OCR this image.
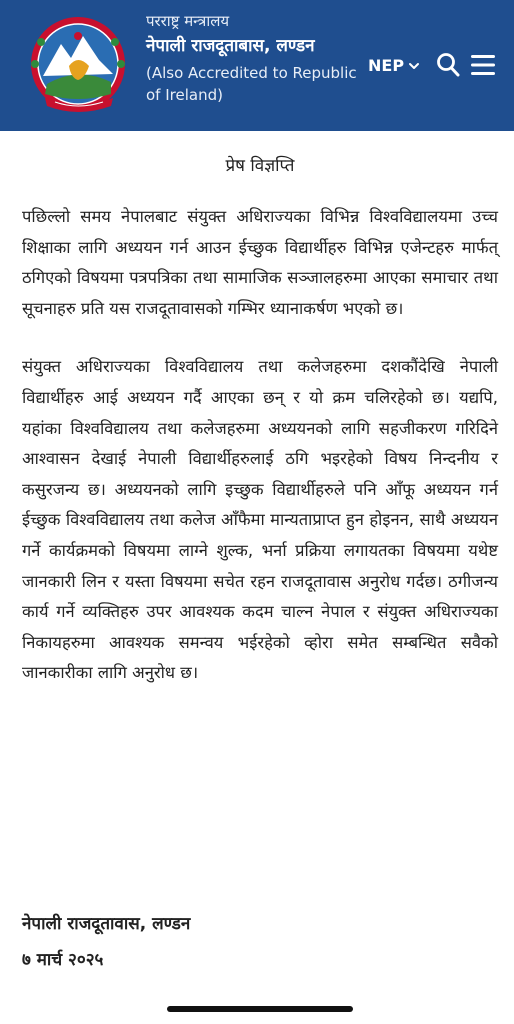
परराष्ट्र मन्त्रालय
नेपाली राजदूताबास, लण्डन
(Also Accredited to Republic of Ireland)
NEP
प्रेष विज्ञप्ति

पछिल्लो समय नेपालबाट संयुक्त अधिराज्यका विभिन्न विश्वविद्यालयमा उच्च शिक्षाका लागि अध्ययन गर्न आउन ईच्छुक विद्यार्थीहरु विभिन्न एजेन्टहरु मार्फत् ठगिएको विषयमा पत्रपत्रिका तथा सामाजिक सञ्जालहरुमा आएका समाचार तथा सूचनाहरु प्रति यस राजदूतावासको गम्भिर ध्यानाकर्षण भएको छ।

संयुक्त अधिराज्यका विश्वविद्यालय तथा कलेजहरुमा दशकौंदेखि नेपाली विद्यार्थीहरु आई अध्ययन गर्दै आएका छन् र यो क्रम चलिरहेको छ। यद्यपि, यहांका विश्वविद्यालय तथा कलेजहरुमा अध्ययनको लागि सहजीकरण गरिदिने आश्वासन देखाई नेपाली विद्यार्थीहरुलाई ठगि भइरहेको विषय निन्दनीय र कसुरजन्य छ। अध्ययनको लागि इच्छुक विद्यार्थीहरुले पनि आँफू अध्ययन गर्न ईच्छुक विश्वविद्यालय तथा कलेज आँफैमा मान्यताप्राप्त हुन होइनन, साथै अध्ययन गर्ने कार्यक्रमको विषयमा लाग्ने शुल्क, भर्ना प्रक्रिया लगायतका विषयमा यथेष्ट जानकारी लिन र यस्ता विषयमा सचेत रहन राजदूतावास अनुरोध गर्दछ। ठगीजन्य कार्य गर्ने व्यक्तिहरु उपर आवश्यक कदम चाल्न नेपाल र संयुक्त अधिराज्यका निकायहरुमा आवश्यक समन्वय भईरहेको व्होरा समेत सम्बन्धित सवैको जानकारीका लागि अनुरोध छ।

नेपाली राजदूतावास, लण्डन
७ मार्च २०२५
